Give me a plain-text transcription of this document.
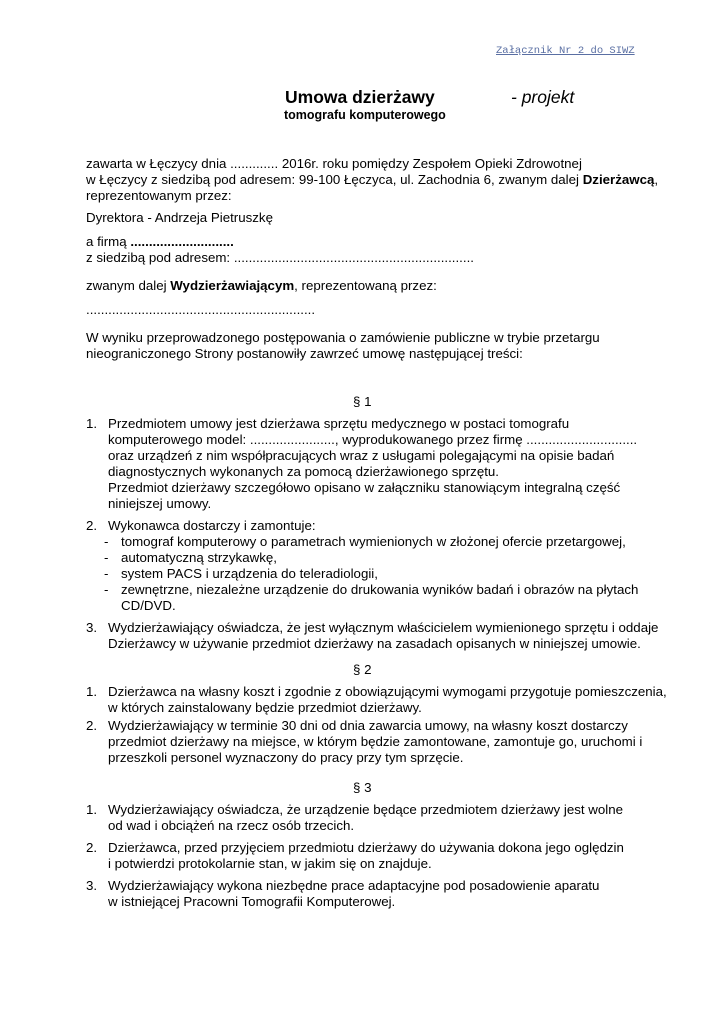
Załącznik Nr 2 do SIWZ
Umowa dzierżawy	- projekt
tomografu komputerowego
zawarta w Łęczycy dnia ............. 2016r. roku pomiędzy Zespołem Opieki Zdrowotnej
w Łęczycy z siedzibą pod adresem: 99-100 Łęczyca, ul. Zachodnia 6, zwanym dalej Dzierżawcą,
reprezentowanym przez:
Dyrektora - Andrzeja Pietruszkę
a firmą ............................
z siedzibą pod adresem: .................................................................
zwanym dalej Wydzierżawiającym, reprezentowaną przez:
..............................................................
W wyniku przeprowadzonego postępowania o zamówienie publiczne w trybie przetargu
nieograniczonego Strony postanowiły zawrzeć umowę następującej treści:
§ 1
1. Przedmiotem umowy jest dzierżawa sprzętu medycznego w postaci tomografu
komputerowego model: ......................., wyprodukowanego przez firmę ..............................
oraz urządzeń z nim współpracujących wraz z usługami polegającymi na opisie badań
diagnostycznych wykonanych za pomocą dzierżawionego sprzętu.
Przedmiot dzierżawy szczegółowo opisano w załączniku stanowiącym integralną część
niniejszej umowy.
2. Wykonawca dostarczy i zamontuje:
- tomograf komputerowy o parametrach wymienionych w złożonej ofercie przetargowej,
- automatyczną strzykawkę,
- system PACS i urządzenia do teleradiologii,
- zewnętrzne, niezależne urządzenie do drukowania wyników badań i obrazów na płytach
CD/DVD.
3. Wydzierżawiający oświadcza, że jest wyłącznym właścicielem wymienionego sprzętu i oddaje
Dzierżawcy w używanie przedmiot dzierżawy na zasadach opisanych w niniejszej umowie.
§ 2
1. Dzierżawca na własny koszt i zgodnie z obowiązującymi wymogami przygotuje pomieszczenia,
w których zainstalowany będzie przedmiot dzierżawy.
2. Wydzierżawiający w terminie 30 dni od dnia zawarcia umowy, na własny koszt dostarczy
przedmiot dzierżawy na miejsce, w którym będzie zamontowane, zamontuje go, uruchomi i
przeszkoli personel wyznaczony do pracy przy tym sprzęcie.
§ 3
1. Wydzierżawiający oświadcza, że urządzenie będące przedmiotem dzierżawy jest wolne
od wad i obciążeń na rzecz osób trzecich.
2. Dzierżawca, przed przyjęciem przedmiotu dzierżawy do używania dokona jego oględzin
i potwierdzi protokolarnie stan, w jakim się on znajduje.
3. Wydzierżawiający wykona niezbędne prace adaptacyjne pod posadowienie aparatu
w istniejącej Pracowni Tomografii Komputerowej.
